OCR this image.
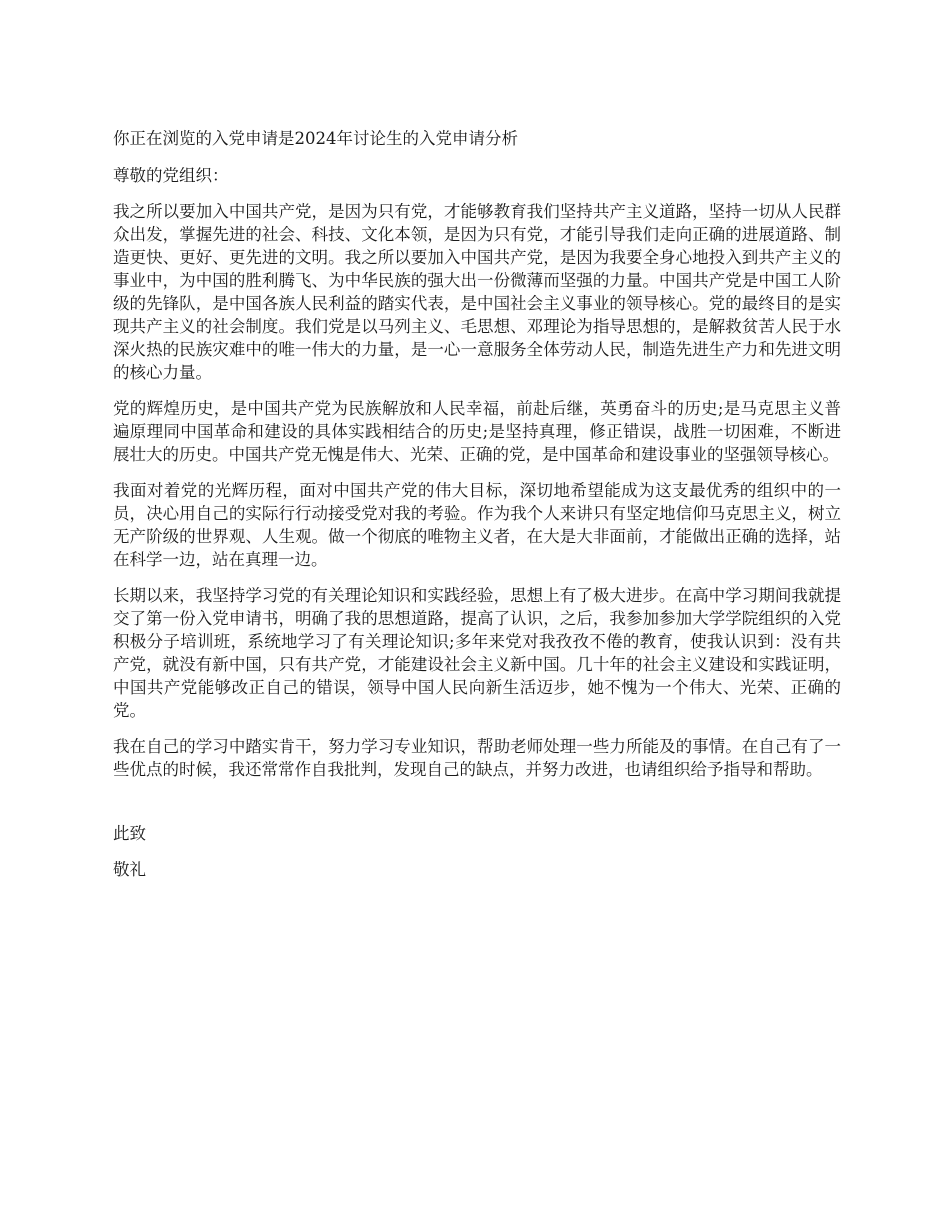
你正在浏览的入党申请是2024年讨论生的入党申请分析

尊敬的党组织：

我之所以要加入中国共产党，是因为只有党，才能够教育我们坚持共产主义道路，坚持一切从人民群众出发，掌握先进的社会、科技、文化本领，是因为只有党，才能引导我们走向正确的进展道路、制造更快、更好、更先进的文明。我之所以要加入中国共产党，是因为我要全身心地投入到共产主义的事业中，为中国的胜利腾飞、为中华民族的强大出一份微薄而坚强的力量。中国共产党是中国工人阶级的先锋队，是中国各族人民利益的踏实代表，是中国社会主义事业的领导核心。党的最终目的是实现共产主义的社会制度。我们党是以马列主义、毛思想、邓理论为指导思想的，是解救贫苦人民于水深火热的民族灾难中的唯一伟大的力量，是一心一意服务全体劳动人民，制造先进生产力和先进文明的核心力量。

党的辉煌历史，是中国共产党为民族解放和人民幸福，前赴后继，英勇奋斗的历史;是马克思主义普遍原理同中国革命和建设的具体实践相结合的历史;是坚持真理，修正错误，战胜一切困难，不断进展壮大的历史。中国共产党无愧是伟大、光荣、正确的党，是中国革命和建设事业的坚强领导核心。

我面对着党的光辉历程，面对中国共产党的伟大目标，深切地希望能成为这支最优秀的组织中的一员，决心用自己的实际行行动接受党对我的考验。作为我个人来讲只有坚定地信仰马克思主义，树立无产阶级的世界观、人生观。做一个彻底的唯物主义者，在大是大非面前，才能做出正确的选择，站在科学一边，站在真理一边。

长期以来，我坚持学习党的有关理论知识和实践经验，思想上有了极大进步。在高中学习期间我就提交了第一份入党申请书，明确了我的思想道路，提高了认识，之后，我参加参加大学学院组织的入党积极分子培训班，系统地学习了有关理论知识;多年来党对我孜孜不倦的教育，使我认识到：没有共产党，就没有新中国，只有共产党，才能建设社会主义新中国。几十年的社会主义建设和实践证明，中国共产党能够改正自己的错误，领导中国人民向新生活迈步，她不愧为一个伟大、光荣、正确的党。

我在自己的学习中踏实肯干，努力学习专业知识，帮助老师处理一些力所能及的事情。在自己有了一些优点的时候，我还常常作自我批判，发现自己的缺点，并努力改进，也请组织给予指导和帮助。

此致

敬礼
